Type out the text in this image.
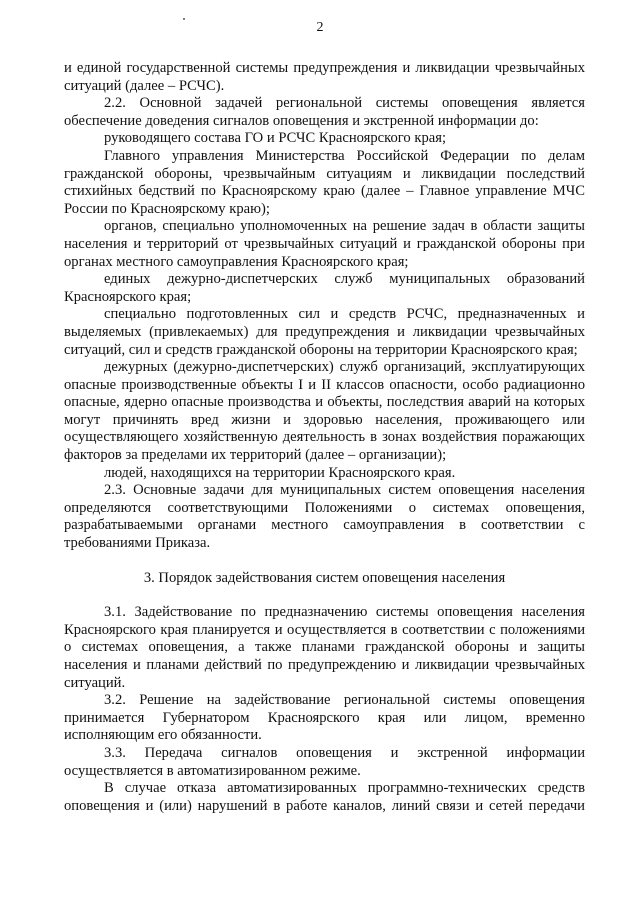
2

и единой государственной системы предупреждения и ликвидации чрезвычайных ситуаций (далее – РСЧС).

2.2. Основной задачей региональной системы оповещения является обеспечение доведения сигналов оповещения и экстренной информации до:

руководящего состава ГО и РСЧС Красноярского края;

Главного управления Министерства Российской Федерации по делам гражданской обороны, чрезвычайным ситуациям и ликвидации последствий стихийных бедствий по Красноярскому краю (далее – Главное управление МЧС России по Красноярскому краю);

органов, специально уполномоченных на решение задач в области защиты населения и территорий от чрезвычайных ситуаций и гражданской обороны при органах местного самоуправления Красноярского края;

единых дежурно-диспетчерских служб муниципальных образований Красноярского края;

специально подготовленных сил и средств РСЧС, предназначенных и выделяемых (привлекаемых) для предупреждения и ликвидации чрезвычайных ситуаций, сил и средств гражданской обороны на территории Красноярского края;

дежурных (дежурно-диспетчерских) служб организаций, эксплуатирующих опасные производственные объекты I и II классов опасности, особо радиационно опасные, ядерно опасные производства и объекты, последствия аварий на которых могут причинять вред жизни и здоровью населения, проживающего или осуществляющего хозяйственную деятельность в зонах воздействия поражающих факторов за пределами их территорий (далее – организации);

людей, находящихся на территории Красноярского края.

2.3. Основные задачи для муниципальных систем оповещения населения определяются соответствующими Положениями о системах оповещения, разрабатываемыми органами местного самоуправления в соответствии с требованиями Приказа.

3. Порядок задействования систем оповещения населения

3.1. Задействование по предназначению системы оповещения населения Красноярского края планируется и осуществляется в соответствии с положениями о системах оповещения, а также планами гражданской обороны и защиты населения и планами действий по предупреждению и ликвидации чрезвычайных ситуаций.

3.2. Решение на задействование региональной системы оповещения принимается Губернатором Красноярского края или лицом, временно исполняющим его обязанности.

3.3. Передача сигналов оповещения и экстренной информации осуществляется в автоматизированном режиме.

В случае отказа автоматизированных программно-технических средств оповещения и (или) нарушений в работе каналов, линий связи и сетей передачи
